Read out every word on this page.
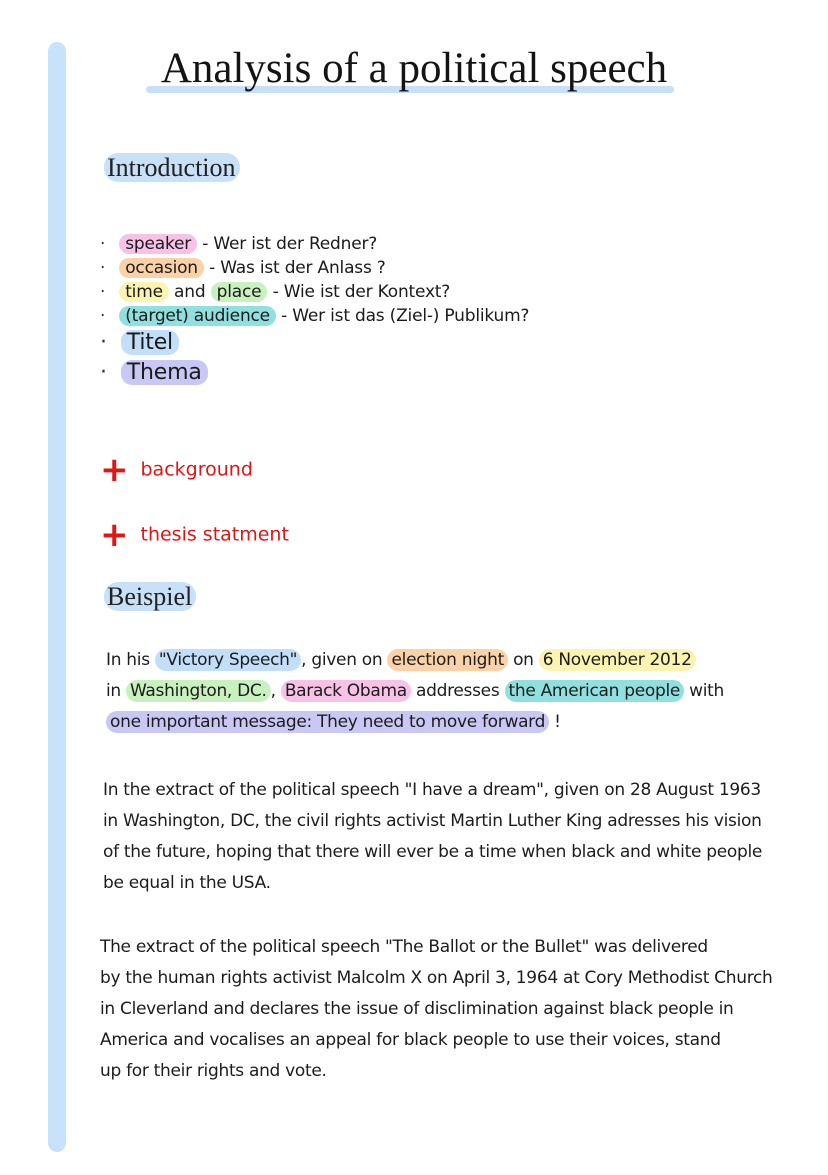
Analysis of a political speech
Introduction
· speaker - Wer ist der Redner?
· occasion - Was ist der Anlass ?
· time and place - Wie ist der Kontext?
· (target) audience - Wer ist das (Ziel-) Publikum?
· Titel
· Thema
+ background
+ thesis statment
Beispiel

In his "Victory Speech" , given on election night on 6 November 2012
in Washington, DC. , Barack Obama addresses the American people with
one important message: They need to move forward !

In the extract of the political speech "I have a dream", given on 28 August 1963
in Washington, DC, the civil rights activist Martin Luther King adresses his vision
of the future, hoping that there will ever be a time when black and white people
be equal in the USA.

The extract of the political speech "The Ballot or the Bullet" was delivered
by the human rights activist Malcolm X on April 3, 1964 at Cory Methodist Church
in Cleverland and declares the issue of disclimination against black people in
America and vocalises an appeal for black people to use their voices, stand
up for their rights and vote.
